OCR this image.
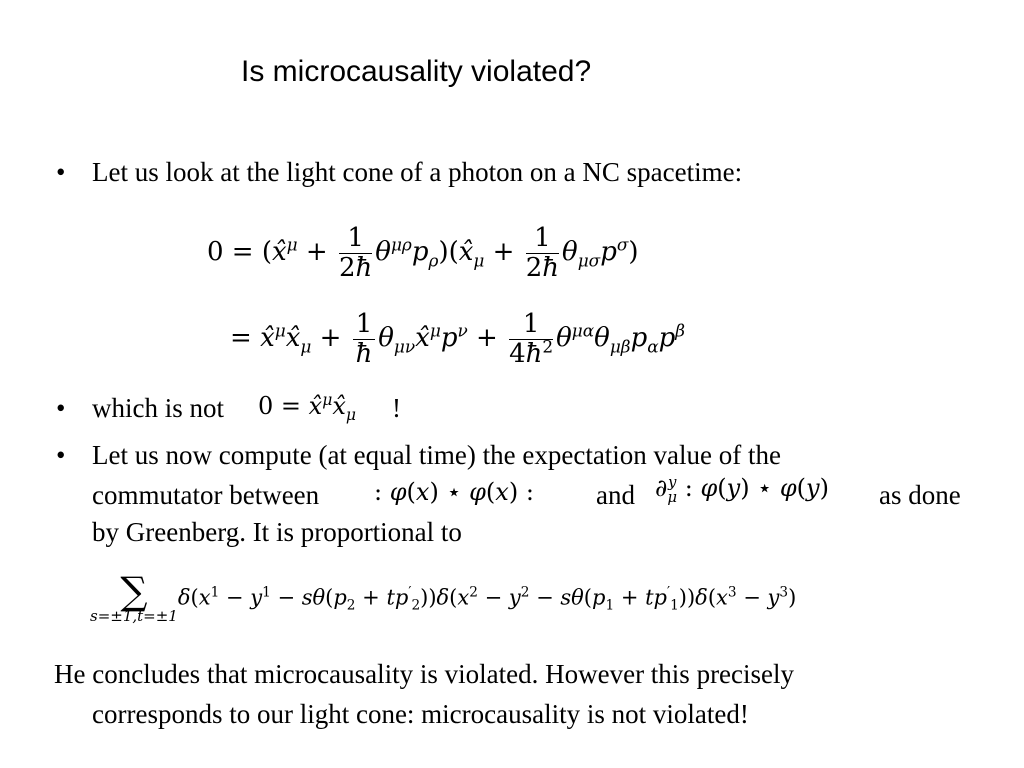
Is microcausality violated?
• Let us look at the light cone of a photon on a NC spacetime:
0 = (x̂$^\mu$ + $\frac{1}{2ħ}$ $\theta^{\mu\rho}p_\rho)(x̂_\mu + \frac{1}{2ħ} \theta_{\mu\sigma}p^\sigma)$
= $x̂^\mu x̂_\mu + \frac{1}{ħ}$ $\theta_{\mu\nu}x̂^\mu p^\nu + \frac{1}{4ħ^2} \theta^{\mu\alpha}\theta_{\mu\beta}p_\alpha p^\beta$
• which is not $0 = x̂^\mu x̂_\mu$ !
• Let us now compute (at equal time) the expectation value of the
commutator between : φ(x) ⋆ φ(x) : and ∂ y
μ : φ(y) ⋆ φ(y) as done
by Greenberg. It is proportional to
∑
s=±1,t=±1
$\delta(x^1 - y^1 - s\theta(p_2 + tp'_2))\delta(x^2 - y^2 - s\theta(p_1 + tp'_1))\delta(x^3 - y^3)$
He concludes that microcausality is violated. However this precisely
corresponds to our light cone: microcausality is not violated!
